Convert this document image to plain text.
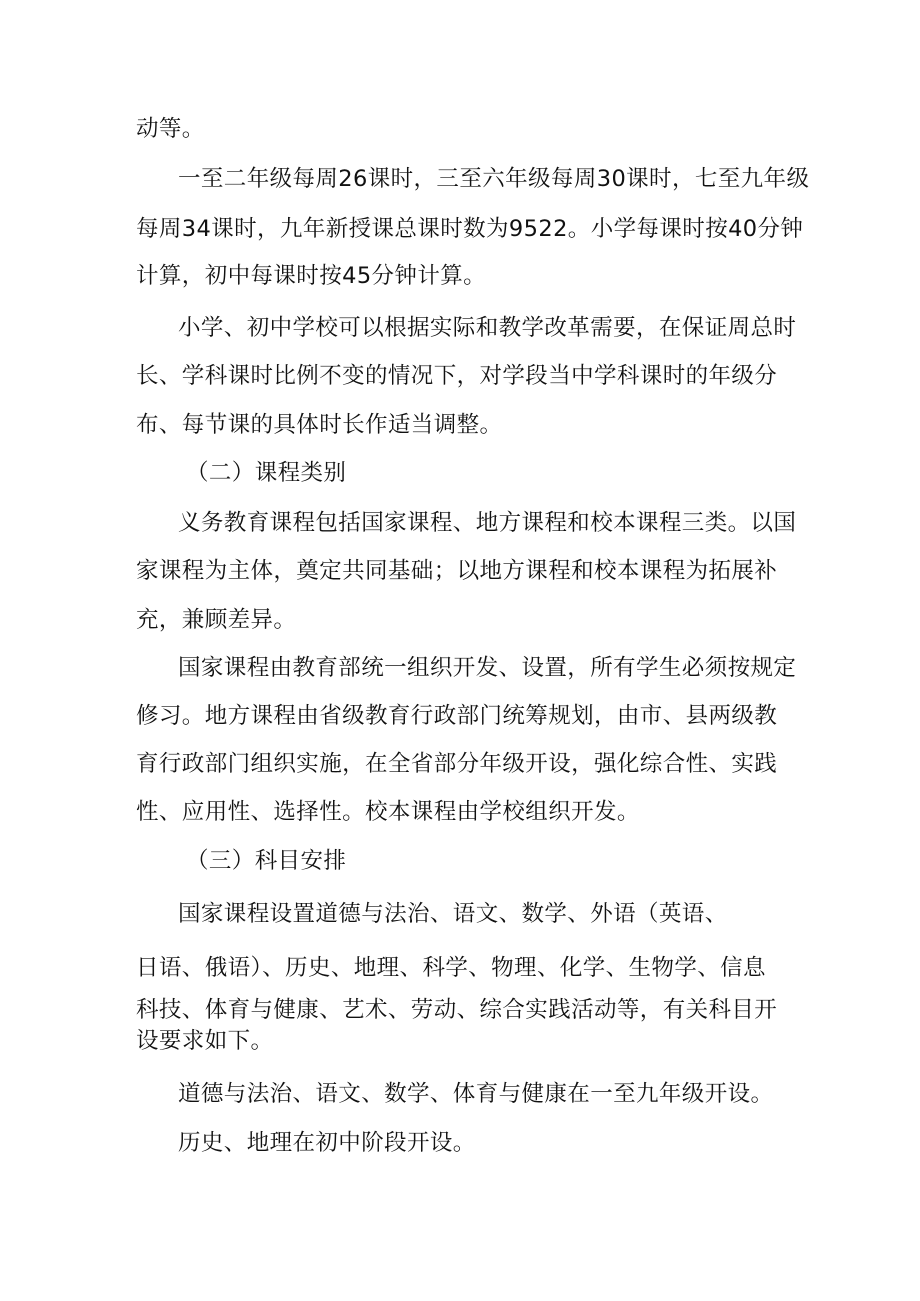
动等。
一至二年级每周26课时，三至六年级每周30课时，七至九年级
每周34课时，九年新授课总课时数为9522。小学每课时按40分钟
计算，初中每课时按45分钟计算。
小学、初中学校可以根据实际和教学改革需要，在保证周总时
长、学科课时比例不变的情况下，对学段当中学科课时的年级分
布、每节课的具体时长作适当调整。
（二）课程类别
义务教育课程包括国家课程、地方课程和校本课程三类。以国
家课程为主体，奠定共同基础；以地方课程和校本课程为拓展补
充，兼顾差异。
国家课程由教育部统一组织开发、设置，所有学生必须按规定
修习。地方课程由省级教育行政部门统筹规划，由市、县两级教
育行政部门组织实施，在全省部分年级开设，强化综合性、实践
性、应用性、选择性。校本课程由学校组织开发。
（三）科目安排
国家课程设置道德与法治、语文、数学、外语（英语、
日语、俄语）、历史、地理、科学、物理、化学、生物学、信息
科技、体育与健康、艺术、劳动、综合实践活动等，有关科目开
设要求如下。
道德与法治、语文、数学、体育与健康在一至九年级开设。
历史、地理在初中阶段开设。
